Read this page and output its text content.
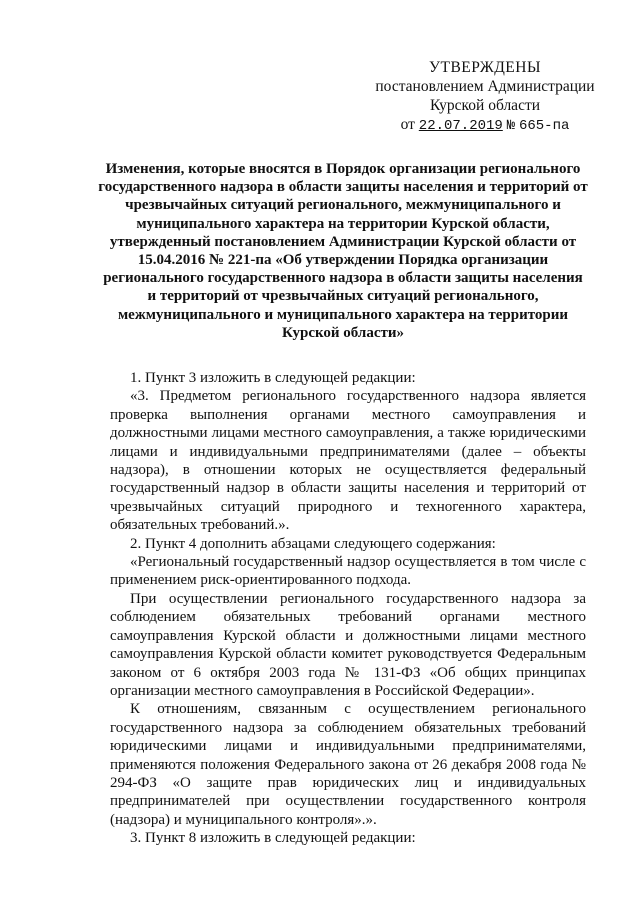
УТВЕРЖДЕНЫ
постановлением Администрации
Курской области
от 22.07.2019 № 665-па
Изменения, которые вносятся в Порядок организации регионального государственного надзора в области защиты населения и территорий от чрезвычайных ситуаций регионального, межмуниципального и муниципального характера на территории Курской области, утвержденный постановлением Администрации Курской области от 15.04.2016 № 221-па «Об утверждении Порядка организации регионального государственного надзора в области защиты населения и территорий от чрезвычайных ситуаций регионального, межмуниципального и муниципального характера на территории Курской области»

1. Пункт 3 изложить в следующей редакции:

«3. Предметом регионального государственного надзора является проверка выполнения органами местного самоуправления и должностными лицами местного самоуправления, а также юридическими лицами и индивидуальными предпринимателями (далее – объекты надзора), в отношении которых не осуществляется федеральный государственный надзор в области защиты населения и территорий от чрезвычайных ситуаций природного и техногенного характера, обязательных требований.».

2. Пункт 4 дополнить абзацами следующего содержания:

«Региональный государственный надзор осуществляется в том числе с применением риск-ориентированного подхода.

При осуществлении регионального государственного надзора за соблюдением обязательных требований органами местного самоуправления Курской области и должностными лицами местного самоуправления Курской области комитет руководствуется Федеральным законом от 6 октября 2003 года № 131-ФЗ «Об общих принципах организации местного самоуправления в Российской Федерации».

К отношениям, связанным с осуществлением регионального государственного надзора за соблюдением обязательных требований юридическими лицами и индивидуальными предпринимателями, применяются положения Федерального закона от 26 декабря 2008 года № 294-ФЗ «О защите прав юридических лиц и индивидуальных предпринимателей при осуществлении государственного контроля (надзора) и муниципального контроля».».

3. Пункт 8 изложить в следующей редакции:
